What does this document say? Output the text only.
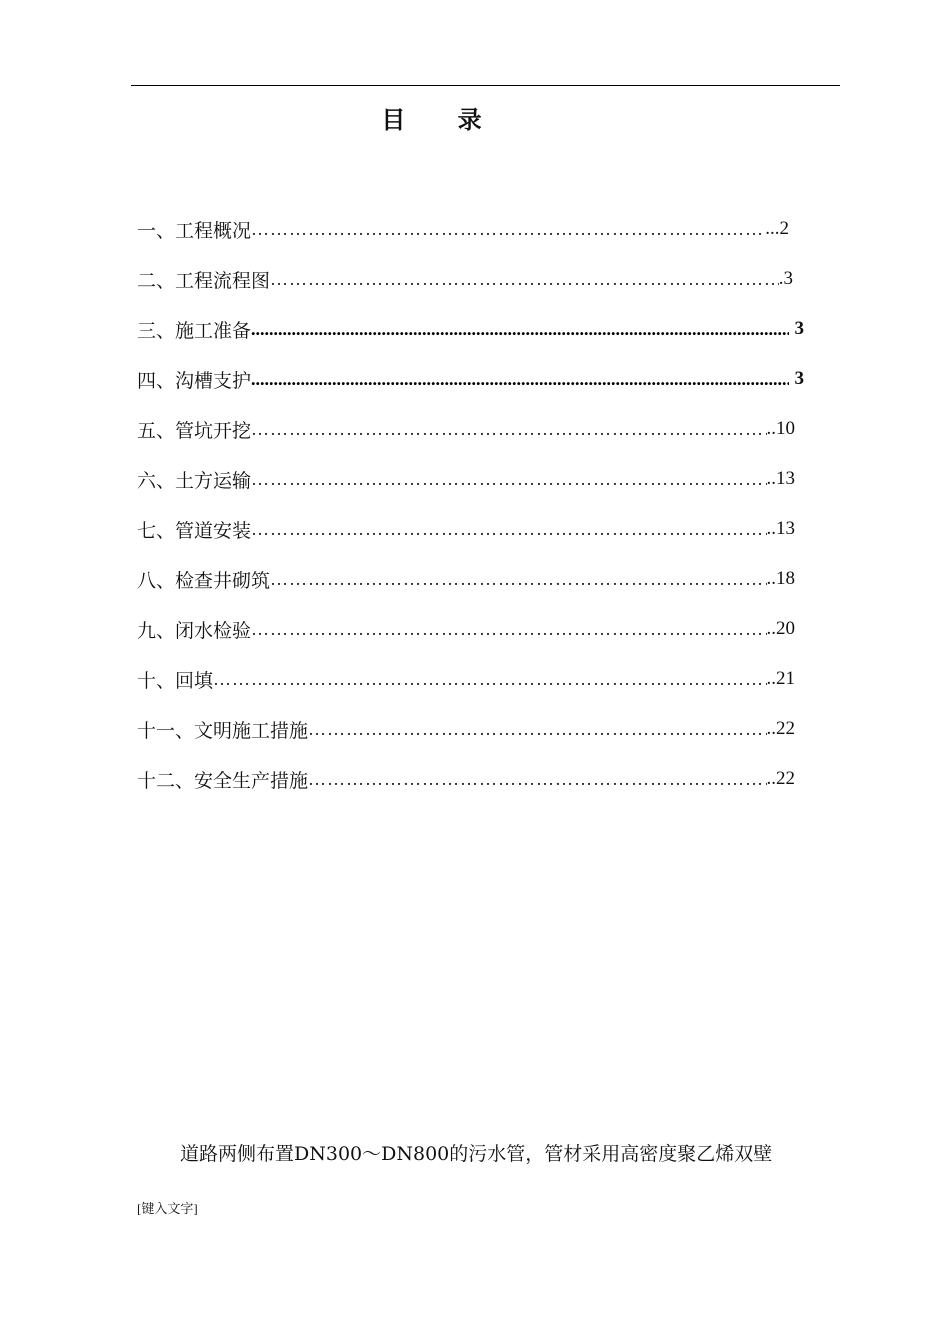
目 录
一、工程概况 ……………………………………………………………………………………………………………	...2
二、工程流程图 ……………………………………………………………………………………………………………	.3
三、施工准备 .....	3
四、沟槽支护 .....	3
五、管坑开挖 ……………………………………………………………………………………………………………	..10
六、土方运输 ……………………………………………………………………………………………………………	..13
七、管道安装 ……………………………………………………………………………………………………………	..13
八、检查井砌筑 ……………………………………………………………………………………………………………	..18
九、闭水检验 ……………………………………………………………………………………………………………	..20
十、回填 ……………………………………………………………………………………………………………	..21
十一、文明施工措施 ……………………………………………………………………………………………………………	..22
十二、安全生产措施 ……………………………………………………………………………………………………………	..22
道路两侧布置DN300～DN800的污水管，管材采用高密度聚乙烯双壁
[键入文字]
